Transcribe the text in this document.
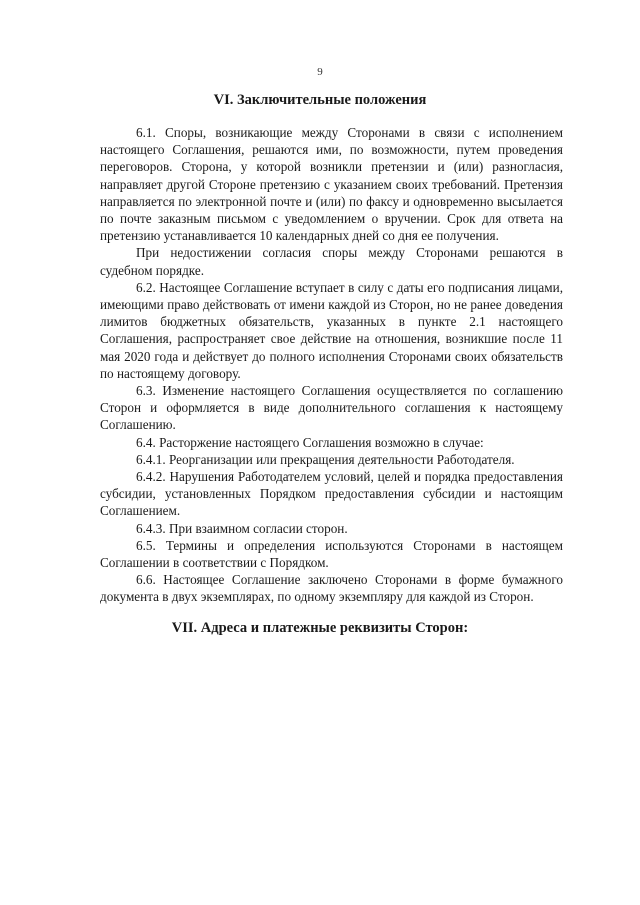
9
VI. Заключительные положения

6.1. Споры, возникающие между Сторонами в связи с исполнением настоящего Соглашения, решаются ими, по возможности, путем проведения переговоров. Сторона, у которой возникли претензии и (или) разногласия, направляет другой Стороне претензию с указанием своих требований. Претензия направляется по электронной почте и (или) по факсу и одновременно высылается по почте заказным письмом с уведомлением о вручении. Срок для ответа на претензию устанавливается 10 календарных дней со дня ее получения.

При недостижении согласия споры между Сторонами решаются в судебном порядке.

6.2. Настоящее Соглашение вступает в силу с даты его подписания лицами, имеющими право действовать от имени каждой из Сторон, но не ранее доведения лимитов бюджетных обязательств, указанных в пункте 2.1 настоящего Соглашения, распространяет свое действие на отношения, возникшие после 11 мая 2020 года и действует до полного исполнения Сторонами своих обязательств по настоящему договору.

6.3. Изменение настоящего Соглашения осуществляется по соглашению Сторон и оформляется в виде дополнительного соглашения к настоящему Соглашению.

6.4. Расторжение настоящего Соглашения возможно в случае:

6.4.1. Реорганизации или прекращения деятельности Работодателя.

6.4.2. Нарушения Работодателем условий, целей и порядка предоставления субсидии, установленных Порядком предоставления субсидии и настоящим Соглашением.

6.4.3. При взаимном согласии сторон.

6.5. Термины и определения используются Сторонами в настоящем Соглашении в соответствии с Порядком.

6.6. Настоящее Соглашение заключено Сторонами в форме бумажного документа в двух экземплярах, по одному экземпляру для каждой из Сторон.

VII. Адреса и платежные реквизиты Сторон:
